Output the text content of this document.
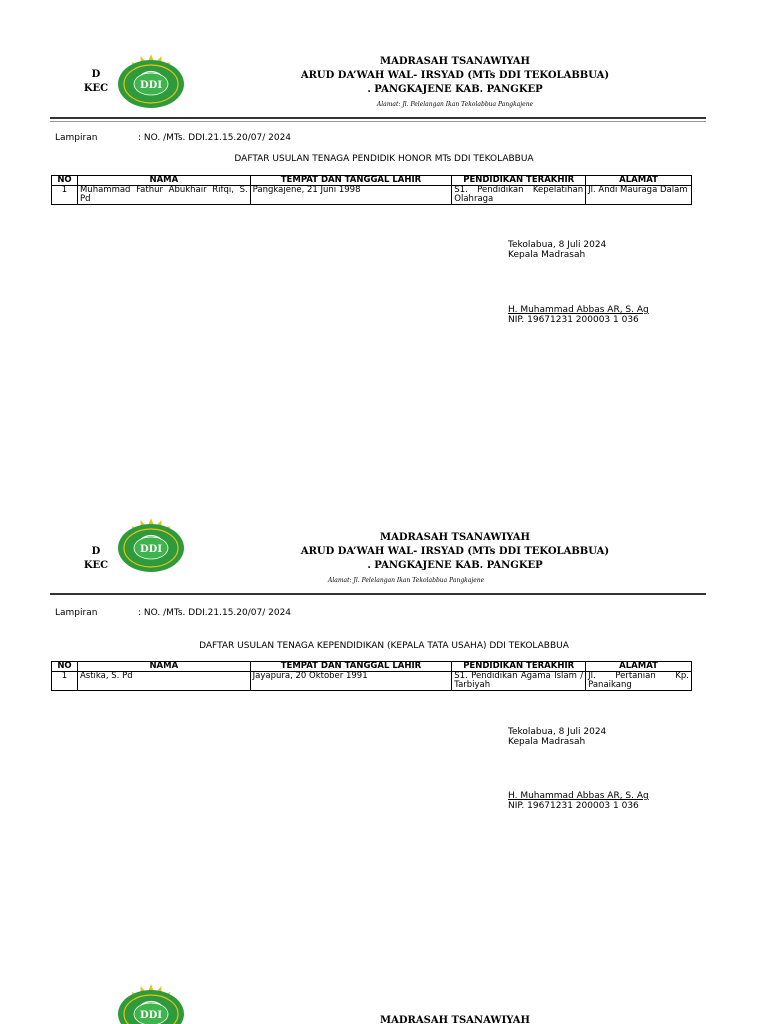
D
KEC	DDI
MADRASAH TSANAWIYAH
ARUD DA’WAH WAL- IRSYAD (MTs DDI TEKOLABBUA)
. PANGKAJENE KAB. PANGKEP
Alamat: Jl. Pelelangan Ikan Tekolabbua Pangkajene
Lampiran	: NO. /MTs. DDI.21.15.20/07/ 2024
DAFTAR USULAN TENAGA PENDIDIK HONOR MTs DDI TEKOLABBUA
NO	NAMA	TEMPAT DAN TANGGAL LAHIR	PENDIDIKAN TERAKHIR	ALAMAT
1	Muhammad Fathur Abukhair Rifqi, S. Pd	Pangkajene, 21 Juni 1998	S1. Pendidikan Kepelatihan Olahraga	Jl. Andi Mauraga Dalam
Tekolabua, 8 Juli 2024
Kepala Madrasah
H. Muhammad Abbas AR, S. Ag
NIP. 19671231 200003 1 036
D
KEC
DDI
MADRASAH TSANAWIYAH
ARUD DA’WAH WAL- IRSYAD (MTs DDI TEKOLABBUA)
. PANGKAJENE KAB. PANGKEP
Alamat: Jl. Pelelangan Ikan Tekolabbua Pangkajene
Lampiran	: NO. /MTs. DDI.21.15.20/07/ 2024
DAFTAR USULAN TENAGA KEPENDIDIKAN (KEPALA TATA USAHA) DDI TEKOLABBUA
NO	NAMA	TEMPAT DAN TANGGAL LAHIR	PENDIDIKAN TERAKHIR	ALAMAT
1	Astika, S. Pd	Jayapura, 20 Oktober 1991	S1. Pendidikan Agama Islam / Tarbiyah	Jl. Pertanian Kp. Panaikang
Tekolabua, 8 Juli 2024
Kepala Madrasah
H. Muhammad Abbas AR, S. Ag
NIP. 19671231 200003 1 036
DDI	MADRASAH TSANAWIYAH
